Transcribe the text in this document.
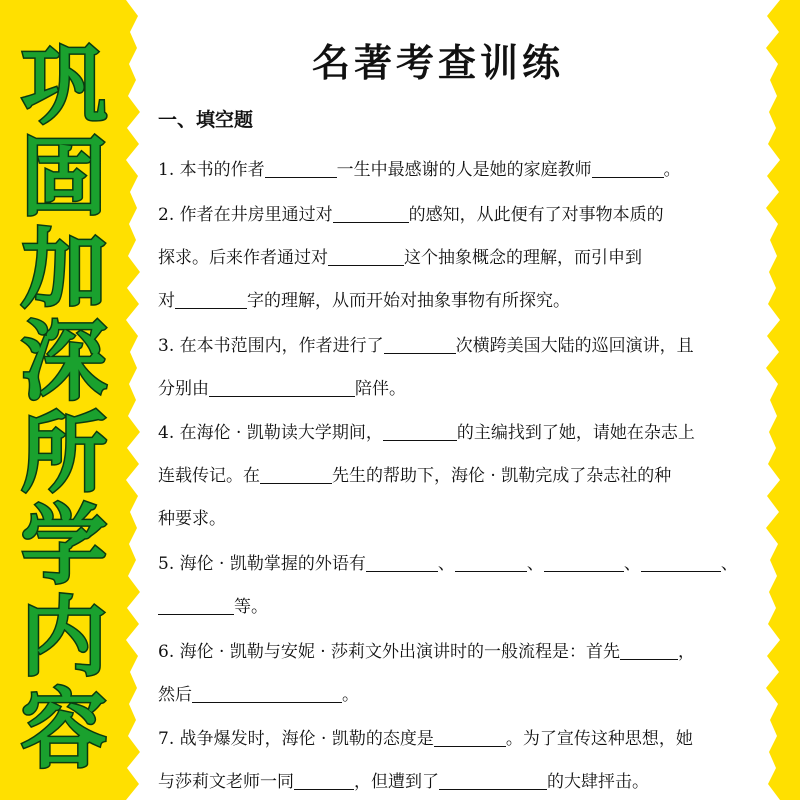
巩
固
加
深
所
学
内
容
名著考查训练
一、填空题
1. 本书的作者	一生中最感谢的人是她的家庭教师	。
2. 作者在井房里通过对	的感知，从此便有了对事物本质的
探求。后来作者通过对	这个抽象概念的理解，而引申到
对	字的理解，从而开始对抽象事物有所探究。
3. 在本书范围内，作者进行了	次横跨美国大陆的巡回演讲，且
分别由	陪伴。
4. 在海伦 · 凯勒读大学期间，	的主编找到了她，请她在杂志上
连载传记。在	先生的帮助下，海伦 · 凯勒完成了杂志社的种
种要求。
5. 海伦 · 凯勒掌握的外语有	、	、	、	、
等。
6. 海伦 · 凯勒与安妮 · 莎莉文外出演讲时的一般流程是：首先	，
然后	。
7. 战争爆发时，海伦 · 凯勒的态度是	。为了宣传这种思想，她
与莎莉文老师一同	，但遭到了	的大肆抨击。
